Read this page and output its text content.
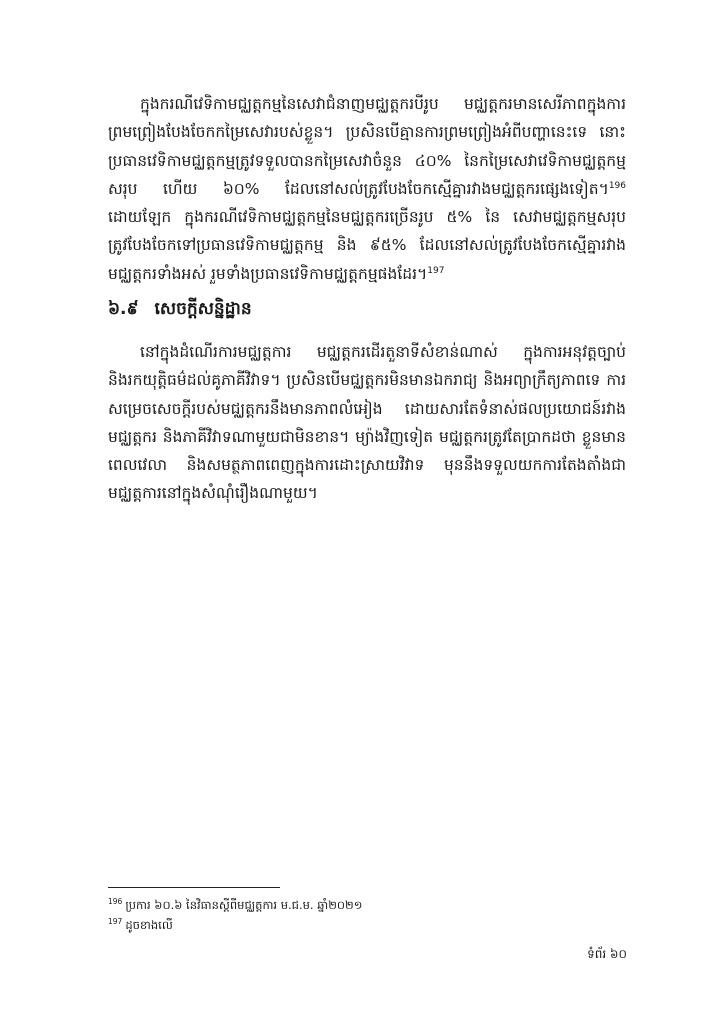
ក្នុងករណីវេទិកាមជ្ឈត្តកម្មនៃសេវាជំនាញមជ្ឈត្តករបីរូប មជ្ឈត្តករមានសេរីភាពក្នុងការព្រមព្រៀងបែងចែកកម្រៃសេវារបស់ខ្លួន។ ប្រសិនបើគ្មានការព្រមព្រៀងអំពីបញ្ហានេះទេ នោះប្រធានវេទិកាមជ្ឈត្តកម្មត្រូវទទួលបានកម្រៃសេវាចំនួន ៤០% នៃកម្រៃសេវាវេទិកាមជ្ឈត្តកម្មសរុប ហើយ ៦០% ដែលនៅសល់ត្រូវបែងចែកស្មើគ្នារវាងមជ្ឈត្តករផ្សេងទៀត។$^{196}$ ដោយឡែក ក្នុងករណីវេទិកាមជ្ឈត្តកម្មនៃមជ្ឈត្តករច្រើនរូប ៥% នៃ សេវាមជ្ឈត្តកម្មសរុបត្រូវបែងចែកទៅប្រធានវេទិកាមជ្ឈត្តកម្ម និង ៩៥% ដែលនៅសល់ត្រូវបែងចែកស្មើគ្នារវាងមជ្ឈត្តករទាំងអស់ រួមទាំងប្រធានវេទិកាមជ្ឈត្តកម្មផងដែរ។$^{197}$

៦.៩ សេចក្តីសន្និដ្ឋាន

នៅក្នុងដំណើរការមជ្ឈត្តការ មជ្ឈត្តករដើរតួនាទីសំខាន់ណាស់ ក្នុងការអនុវត្តច្បាប់ និងរកយុត្តិធម៌ដល់គូភាគីវិវាទ។ ប្រសិនបើមជ្ឈត្តករមិនមានឯករាជ្យ និងអព្យាក្រឹត្យភាពទេ ការសម្រេចសេចក្តីរបស់មជ្ឈត្តករនឹងមានភាពលំអៀង ដោយសារតែទំនាស់ផលប្រយោជន៍រវាងមជ្ឈត្តករ និងភាគីវិវាទណាមួយជាមិនខាន។ ម្យ៉ាងវិញទៀត មជ្ឈត្តករត្រូវតែប្រាកដថា ខ្លួនមានពេលវេលា និងសមត្ថភាពពេញក្នុងការដោះស្រាយវិវាទ មុននឹងទទួលយកការតែងតាំងជាមជ្ឈត្តការនៅក្នុងសំណុំរឿងណាមួយ។

$^{196}$ ប្រការ ៦០.៦ នៃវិធានស្តីពីមជ្ឈត្តការ ម.ជ.ម. ឆ្នាំ២០២១
$^{197}$ ដូចខាងលើ
ទំព័រ ៦០
